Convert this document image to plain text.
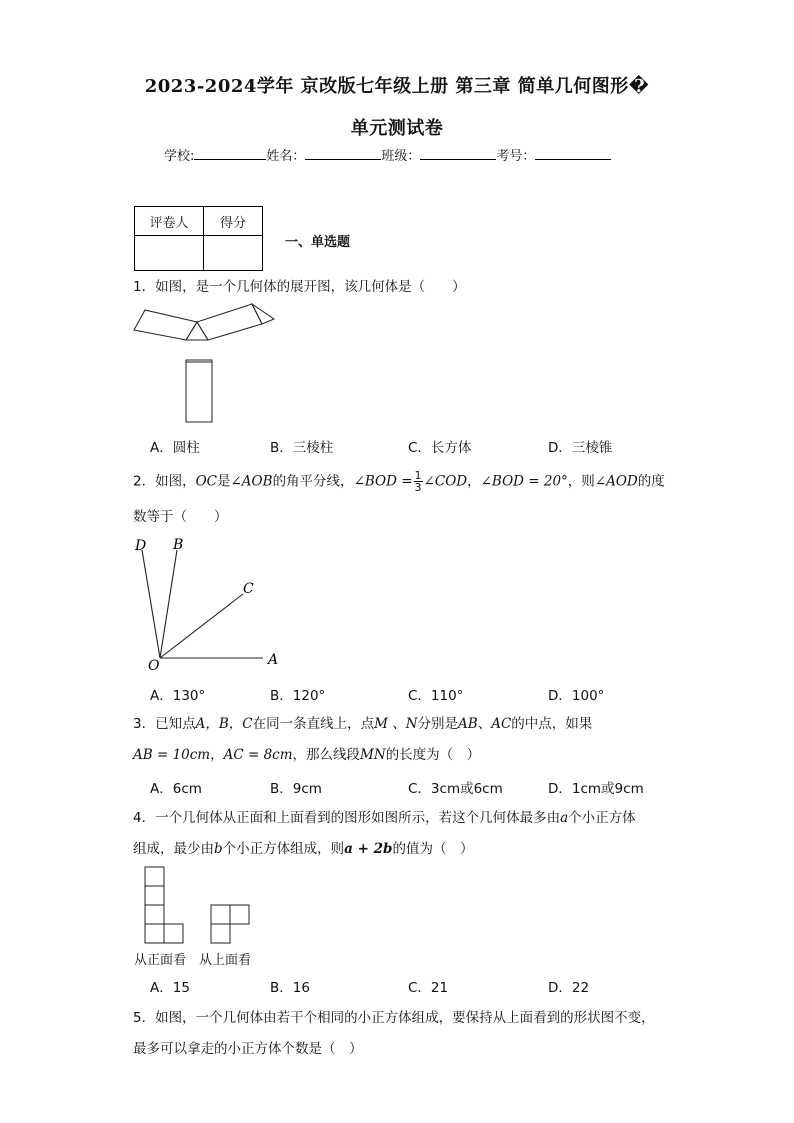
2023-2024学年 京改版七年级上册 第三章 简单几何图形�
单元测试卷
学校:	姓名：	班级：	考号：
评卷人	得分

一、单选题
1．如图，是一个几何体的展开图，该几何体是（　　）
A．圆柱	B．三棱柱	C．长方体	D．三棱锥
2．如图，OC是∠AOB的角平分线，∠BOD = $\frac{1}{3}$ ∠COD，∠BOD = 20°，则∠AOD的度
数等于（　　）
D B
C
O	A
A．130°	B．120°	C．110°	D．100°
3．已知点A，B，C在同一条直线上，点M 、N分别是AB、AC的中点，如果
AB = 10cm，AC = 8cm，那么线段MN的长度为（　）
A．6cm	B．9cm	C．3cm或6cm	D．1cm或9cm
4．一个几何体从正面和上面看到的图形如图所示，若这个几何体最多由a个小正方体
组成，最少由b个小正方体组成，则a + 2b的值为（　）
从正面看 从上面看
A．15	B．16	C．21	D．22
5．如图，一个几何体由若干个相同的小正方体组成，要保持从上面看到的形状图不变，
最多可以拿走的小正方体个数是（　）
